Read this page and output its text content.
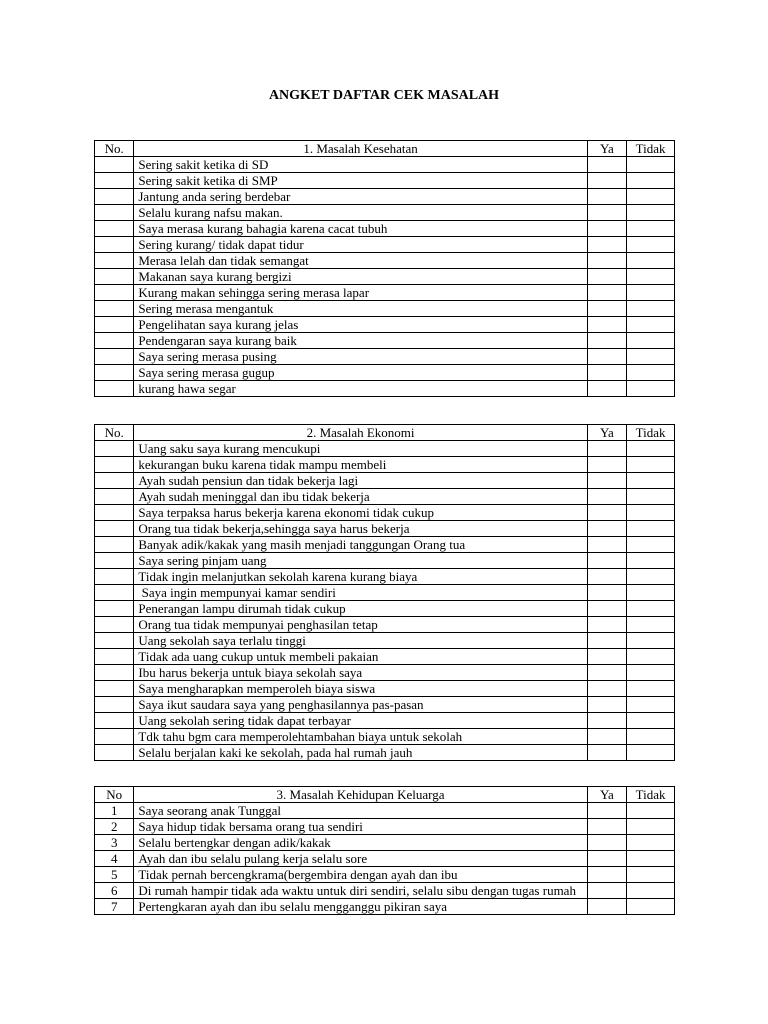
ANGKET DAFTAR CEK MASALAH
No.	1. Masalah Kesehatan	Ya	Tidak
	Sering sakit ketika di SD		
	Sering sakit ketika di SMP		
	Jantung anda sering berdebar		
	Selalu kurang nafsu makan.		
	Saya merasa kurang bahagia karena cacat tubuh		
	Sering kurang/ tidak dapat tidur		
	Merasa lelah dan tidak semangat		
	Makanan saya kurang bergizi		
	Kurang makan sehingga sering merasa lapar		
	Sering merasa mengantuk		
	Pengelihatan saya kurang jelas		
	Pendengaran saya kurang baik		
	Saya sering merasa pusing		
	Saya sering merasa gugup		
	kurang hawa segar		
No.	2. Masalah Ekonomi	Ya	Tidak
	Uang saku saya kurang mencukupi		
	kekurangan buku karena tidak mampu membeli		
	Ayah sudah pensiun dan tidak bekerja lagi		
	Ayah sudah meninggal dan ibu tidak bekerja		
	Saya terpaksa harus bekerja karena ekonomi tidak cukup		
	Orang tua tidak bekerja,sehingga saya harus bekerja		
	Banyak adik/kakak yang masih menjadi tanggungan Orang tua		
	Saya sering pinjam uang		
	Tidak ingin melanjutkan sekolah karena kurang biaya		
	Saya ingin mempunyai kamar sendiri		
	Penerangan lampu dirumah tidak cukup		
	Orang tua tidak mempunyai penghasilan tetap		
	Uang sekolah saya terlalu tinggi		
	Tidak ada uang cukup untuk membeli pakaian		
	Ibu harus bekerja untuk biaya sekolah saya		
	Saya mengharapkan memperoleh biaya siswa		
	Saya ikut saudara saya yang penghasilannya pas-pasan		
	Uang sekolah sering tidak dapat terbayar		
	Tdk tahu bgm cara memperolehtambahan biaya untuk sekolah		
	Selalu berjalan kaki ke sekolah, pada hal rumah jauh		
No	3. Masalah Kehidupan Keluarga	Ya	Tidak
1	Saya seorang anak Tunggal		
2	Saya hidup tidak bersama orang tua sendiri		
3	Selalu bertengkar dengan adik/kakak		
4	Ayah dan ibu selalu pulang kerja selalu sore		
5	Tidak pernah bercengkrama(bergembira dengan ayah dan ibu		
6	Di rumah hampir tidak ada waktu untuk diri sendiri, selalu sibu dengan tugas rumah		
7	Pertengkaran ayah dan ibu selalu mengganggu pikiran saya		
